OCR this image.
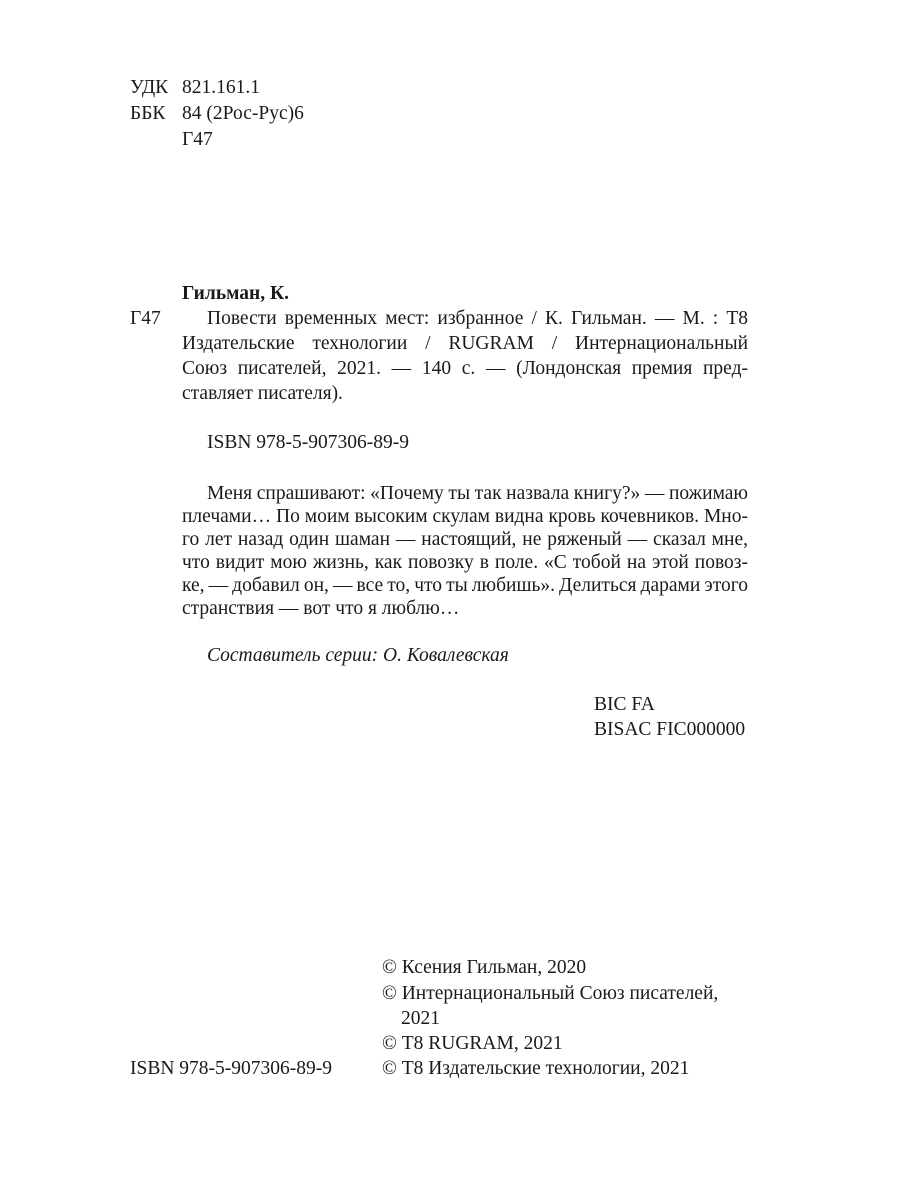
УДК 821.161.1
ББК 84 (2Рос-Рус)6
Г47
Гильман, К.
Г47 Повести временных мест: избранное / К. Гильман. — М. : Т8
Издательские технологии / RUGRAM / Интернациональный
Союз писателей, 2021. — 140 с. — (Лондонская премия пред-
ставляет писателя).
ISBN 978-5-907306-89-9
Меня спрашивают: «Почему ты так назвала книгу?» — пожимаю
плечами… По моим высоким скулам видна кровь кочевников. Мно-
го лет назад один шаман — настоящий, не ряженый — сказал мне,
что видит мою жизнь, как повозку в поле. «С тобой на этой повоз-
ке, — добавил он, — все то, что ты любишь». Делиться дарами этого
странствия — вот что я люблю…
Составитель серии: О. Ковалевская
BIC FA
BISAC FIC000000
© Ксения Гильман, 2020
© Интернациональный Союз писателей,
2021
© Т8 RUGRAM, 2021
© Т8 Издательские технологии, 2021
ISBN 978-5-907306-89-9
